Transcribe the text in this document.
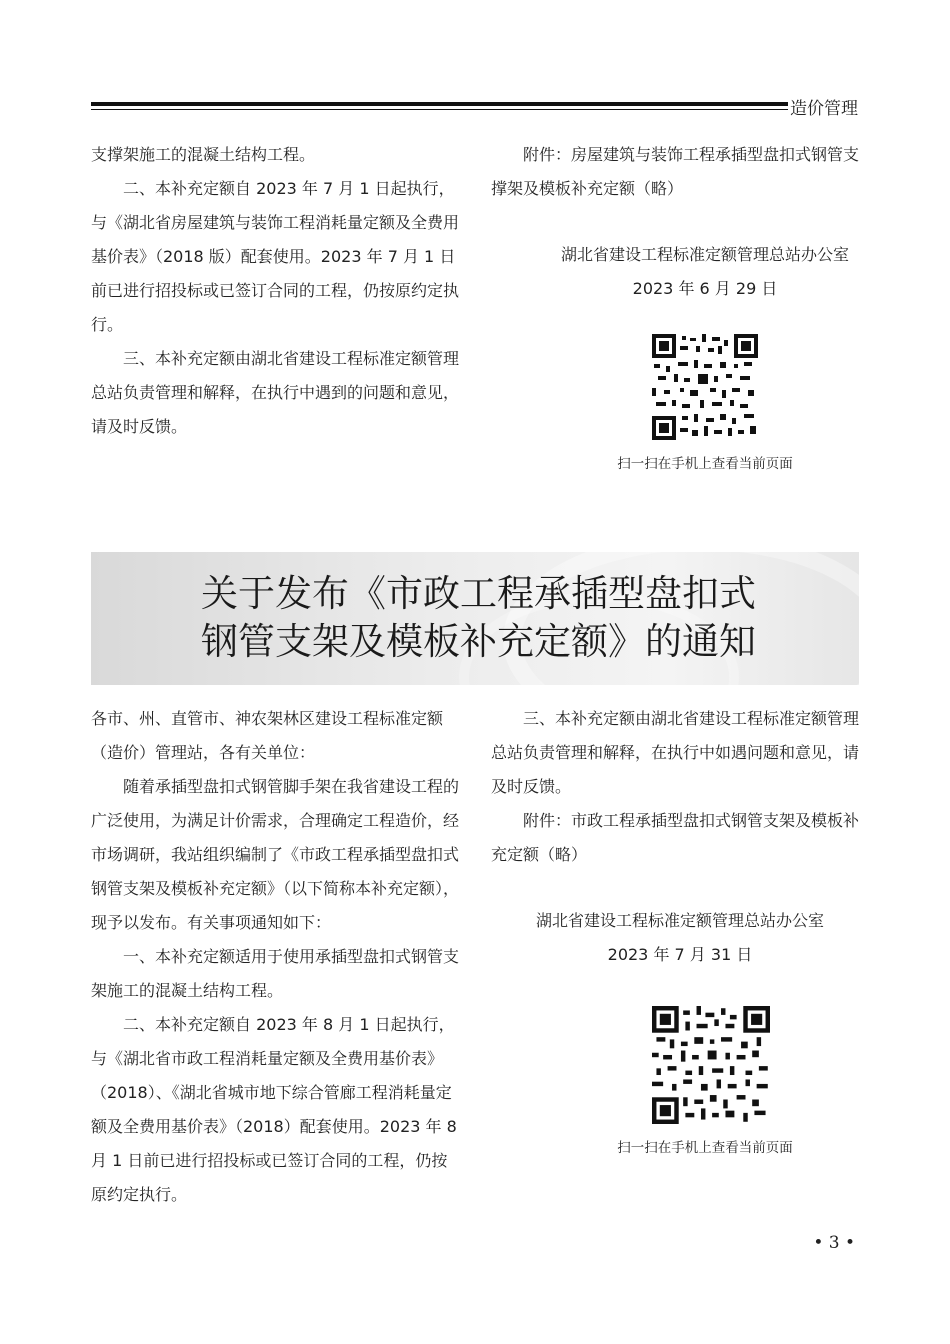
造价管理

支撑架施工的混凝土结构工程。

二、本补充定额自 2023 年 7 月 1 日起执行，与《湖北省房屋建筑与装饰工程消耗量定额及全费用基价表》（2018 版）配套使用。2023 年 7 月 1 日前已进行招投标或已签订合同的工程，仍按原约定执行。

三、本补充定额由湖北省建设工程标准定额管理总站负责管理和解释，在执行中遇到的问题和意见，请及时反馈。

附件：房屋建筑与装饰工程承插型盘扣式钢管支撑架及模板补充定额（略）

湖北省建设工程标准定额管理总站办公室

2023 年 6 月 29 日

扫一扫在手机上查看当前页面
关于发布《市政工程承插型盘扣式
钢管支架及模板补充定额》的通知

各市、州、直管市、神农架林区建设工程标准定额（造价）管理站，各有关单位：

随着承插型盘扣式钢管脚手架在我省建设工程的广泛使用，为满足计价需求，合理确定工程造价，经市场调研，我站组织编制了《市政工程承插型盘扣式钢管支架及模板补充定额》（以下简称本补充定额），现予以发布。有关事项通知如下：

一、本补充定额适用于使用承插型盘扣式钢管支架施工的混凝土结构工程。

二、本补充定额自 2023 年 8 月 1 日起执行，与《湖北省市政工程消耗量定额及全费用基价表》（2018）、《湖北省城市地下综合管廊工程消耗量定额及全费用基价表》（2018）配套使用。2023 年 8 月 1 日前已进行招投标或已签订合同的工程，仍按原约定执行。

三、本补充定额由湖北省建设工程标准定额管理总站负责管理和解释，在执行中如遇问题和意见，请及时反馈。

附件：市政工程承插型盘扣式钢管支架及模板补充定额（略）

湖北省建设工程标准定额管理总站办公室

2023 年 7 月 31 日

扫一扫在手机上查看当前页面
• 3 •
